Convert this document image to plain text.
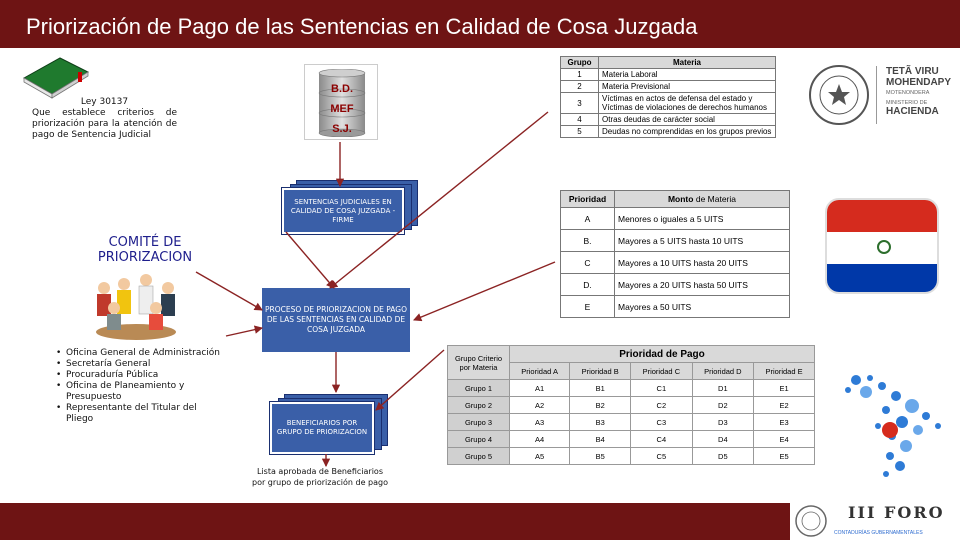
Priorización de Pago de las Sentencias en Calidad de Cosa Juzgada
Ley 30137
Que establece criterios de priorización para la atención de pago de Sentencia Judicial
COMITÉ DE PRIORIZACION
• Oficina General de Administración
• Secretaría General
• Procuraduría Pública
• Oficina de Planeamiento y Presupuesto
• Representante del Titular del Pliego
B.D.
MEF
S.J.
SENTENCIAS JUDICIALES EN CALIDAD DE COSA JUZGADA - FIRME
PROCESO DE PRIORIZACION DE PAGO DE LAS SENTENCIAS EN CALIDAD DE COSA JUZGADA
BENEFICIARIOS POR GRUPO DE PRIORIZACION
Lista aprobada de Beneficiarios por grupo de priorización de pago
Grupo	Materia
1	Materia Laboral
2	Materia Previsional
3	Víctimas en actos de defensa del estado y Víctimas de violaciones de derechos humanos
4	Otras deudas de carácter social
5	Deudas no comprendidas en los grupos previos
Prioridad	Monto de Materia
A	Menores o iguales a 5 UITS
B.	Mayores a 5 UITS hasta 10 UITS
C	Mayores a 10 UITS hasta 20 UITS
D.	Mayores a 20 UITS hasta 50 UITS
E	Mayores a 50 UITS
Grupo Criterio por Materia	Prioridad de Pago				
	Prioridad A	Prioridad B	Prioridad C	Prioridad D	Prioridad E
Grupo 1	A1	B1	C1	D1	E1
Grupo 2	A2	B2	C2	D2	E2
Grupo 3	A3	B3	C3	D3	E3
Grupo 4	A4	B4	C4	D4	E4
Grupo 5	A5	B5	C5	D5	E5
TETÃ VIRU
MOHENDAPY
MOTENONDERA
MINISTERIO DE
HACIENDA
III FORO
CONTADURÍAS GUBERNAMENTALES
